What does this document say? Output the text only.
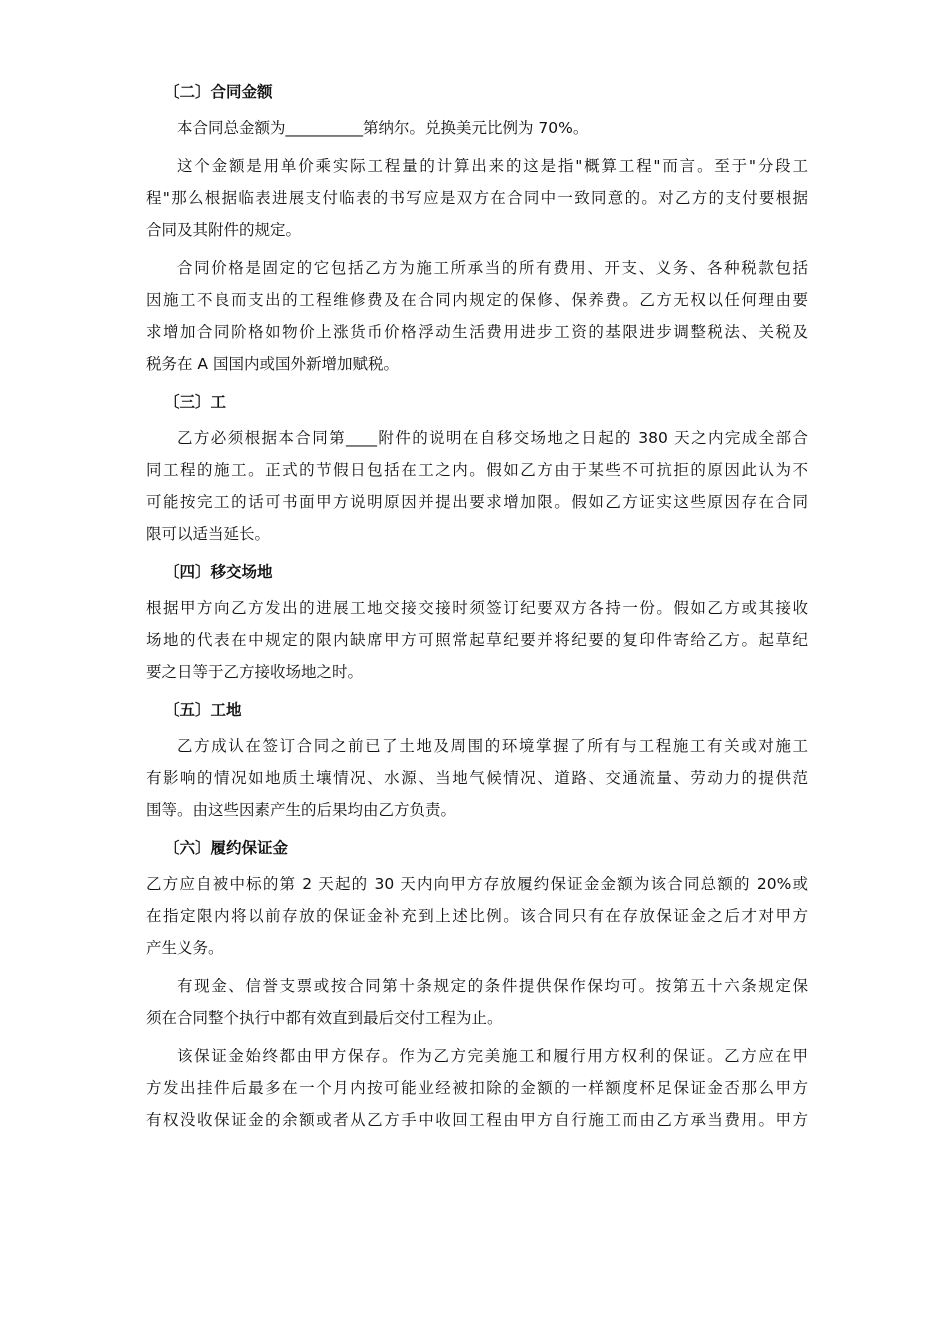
〔二〕合同金额
本合同总金额为__________第纳尔。兑换美元比例为 70%。
这个金额是用单价乘实际工程量的计算出来的这是指"概算工程"而言。至于"分段工
程"那么根据临表进展支付临表的书写应是双方在合同中一致同意的。对乙方的支付要根据
合同及其附件的规定。
合同价格是固定的它包括乙方为施工所承当的所有费用、开支、义务、各种税款包括
因施工不良而支出的工程维修费及在合同内规定的保修、保养费。乙方无权以任何理由要
求增加合同阶格如物价上涨货币价格浮动生活费用进步工资的基限进步调整税法、关税及
税务在 A 国国内或国外新增加赋税。
〔三〕工
乙方必须根据本合同第____附件的说明在自移交场地之日起的 380 天之内完成全部合
同工程的施工。正式的节假日包括在工之内。假如乙方由于某些不可抗拒的原因此认为不
可能按完工的话可书面甲方说明原因并提出要求增加限。假如乙方证实这些原因存在合同
限可以适当延长。
〔四〕移交场地
根据甲方向乙方发出的进展工地交接交接时须签订纪要双方各持一份。假如乙方或其接收
场地的代表在中规定的限内缺席甲方可照常起草纪要并将纪要的复印件寄给乙方。起草纪
要之日等于乙方接收场地之时。
〔五〕工地
乙方成认在签订合同之前已了土地及周围的环境掌握了所有与工程施工有关或对施工
有影响的情况如地质土壤情况、水源、当地气候情况、道路、交通流量、劳动力的提供范
围等。由这些因素产生的后果均由乙方负责。
〔六〕履约保证金
乙方应自被中标的第 2 天起的 30 天内向甲方存放履约保证金金额为该合同总额的 20%或
在指定限内将以前存放的保证金补充到上述比例。该合同只有在存放保证金之后才对甲方
产生义务。
有现金、信誉支票或按合同第十条规定的条件提供保作保均可。按第五十六条规定保
须在合同整个执行中都有效直到最后交付工程为止。
该保证金始终都由甲方保存。作为乙方完美施工和履行用方权利的保证。乙方应在甲
方发出挂件后最多在一个月内按可能业经被扣除的金额的一样额度杯足保证金否那么甲方
有权没收保证金的余额或者从乙方手中收回工程由甲方自行施工而由乙方承当费用。甲方
